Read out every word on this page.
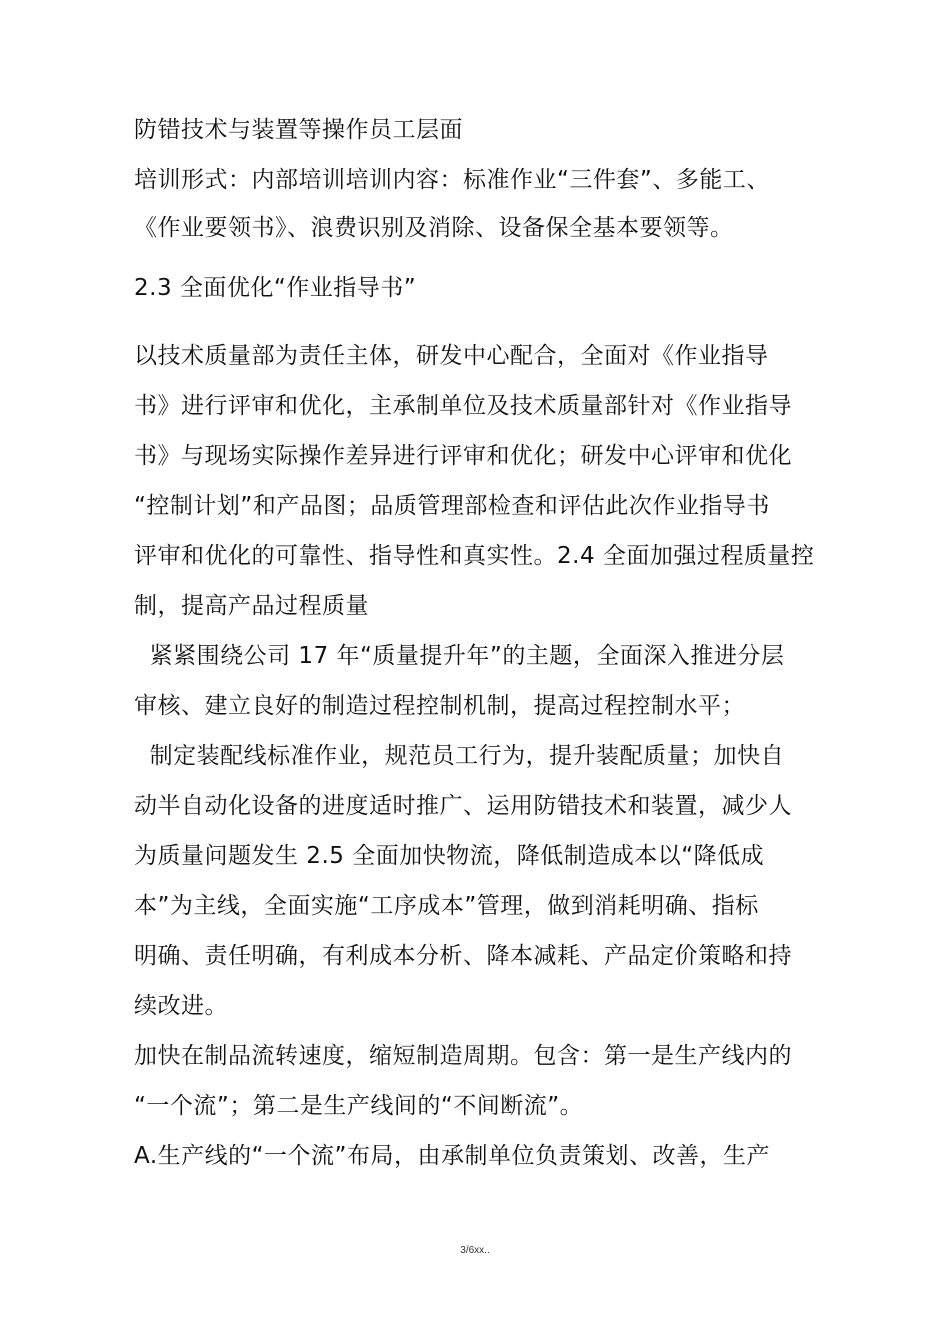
防错技术与装置等操作员工层面
培训形式：内部培训培训内容：标准作业“三件套”、多能工、
《作业要领书》、浪费识别及消除、设备保全基本要领等。
2.3 全面优化“作业指导书”
以技术质量部为责任主体，研发中心配合，全面对《作业指导
书》进行评审和优化，主承制单位及技术质量部针对《作业指导
书》与现场实际操作差异进行评审和优化；研发中心评审和优化
“控制计划”和产品图；品质管理部检查和评估此次作业指导书
评审和优化的可靠性、指导性和真实性。2.4 全面加强过程质量控
制，提高产品过程质量
紧紧围绕公司 17 年“质量提升年”的主题，全面深入推进分层
审核、建立良好的制造过程控制机制，提高过程控制水平；
制定装配线标准作业，规范员工行为，提升装配质量；加快自
动半自动化设备的进度适时推广、运用防错技术和装置，减少人
为质量问题发生 2.5 全面加快物流，降低制造成本以“降低成
本”为主线，全面实施“工序成本”管理，做到消耗明确、指标
明确、责任明确，有利成本分析、降本减耗、产品定价策略和持
续改进。
加快在制品流转速度，缩短制造周期。包含：第一是生产线内的
“一个流”；第二是生产线间的“不间断流”。
A.生产线的“一个流”布局，由承制单位负责策划、改善，生产
3/6xx..
